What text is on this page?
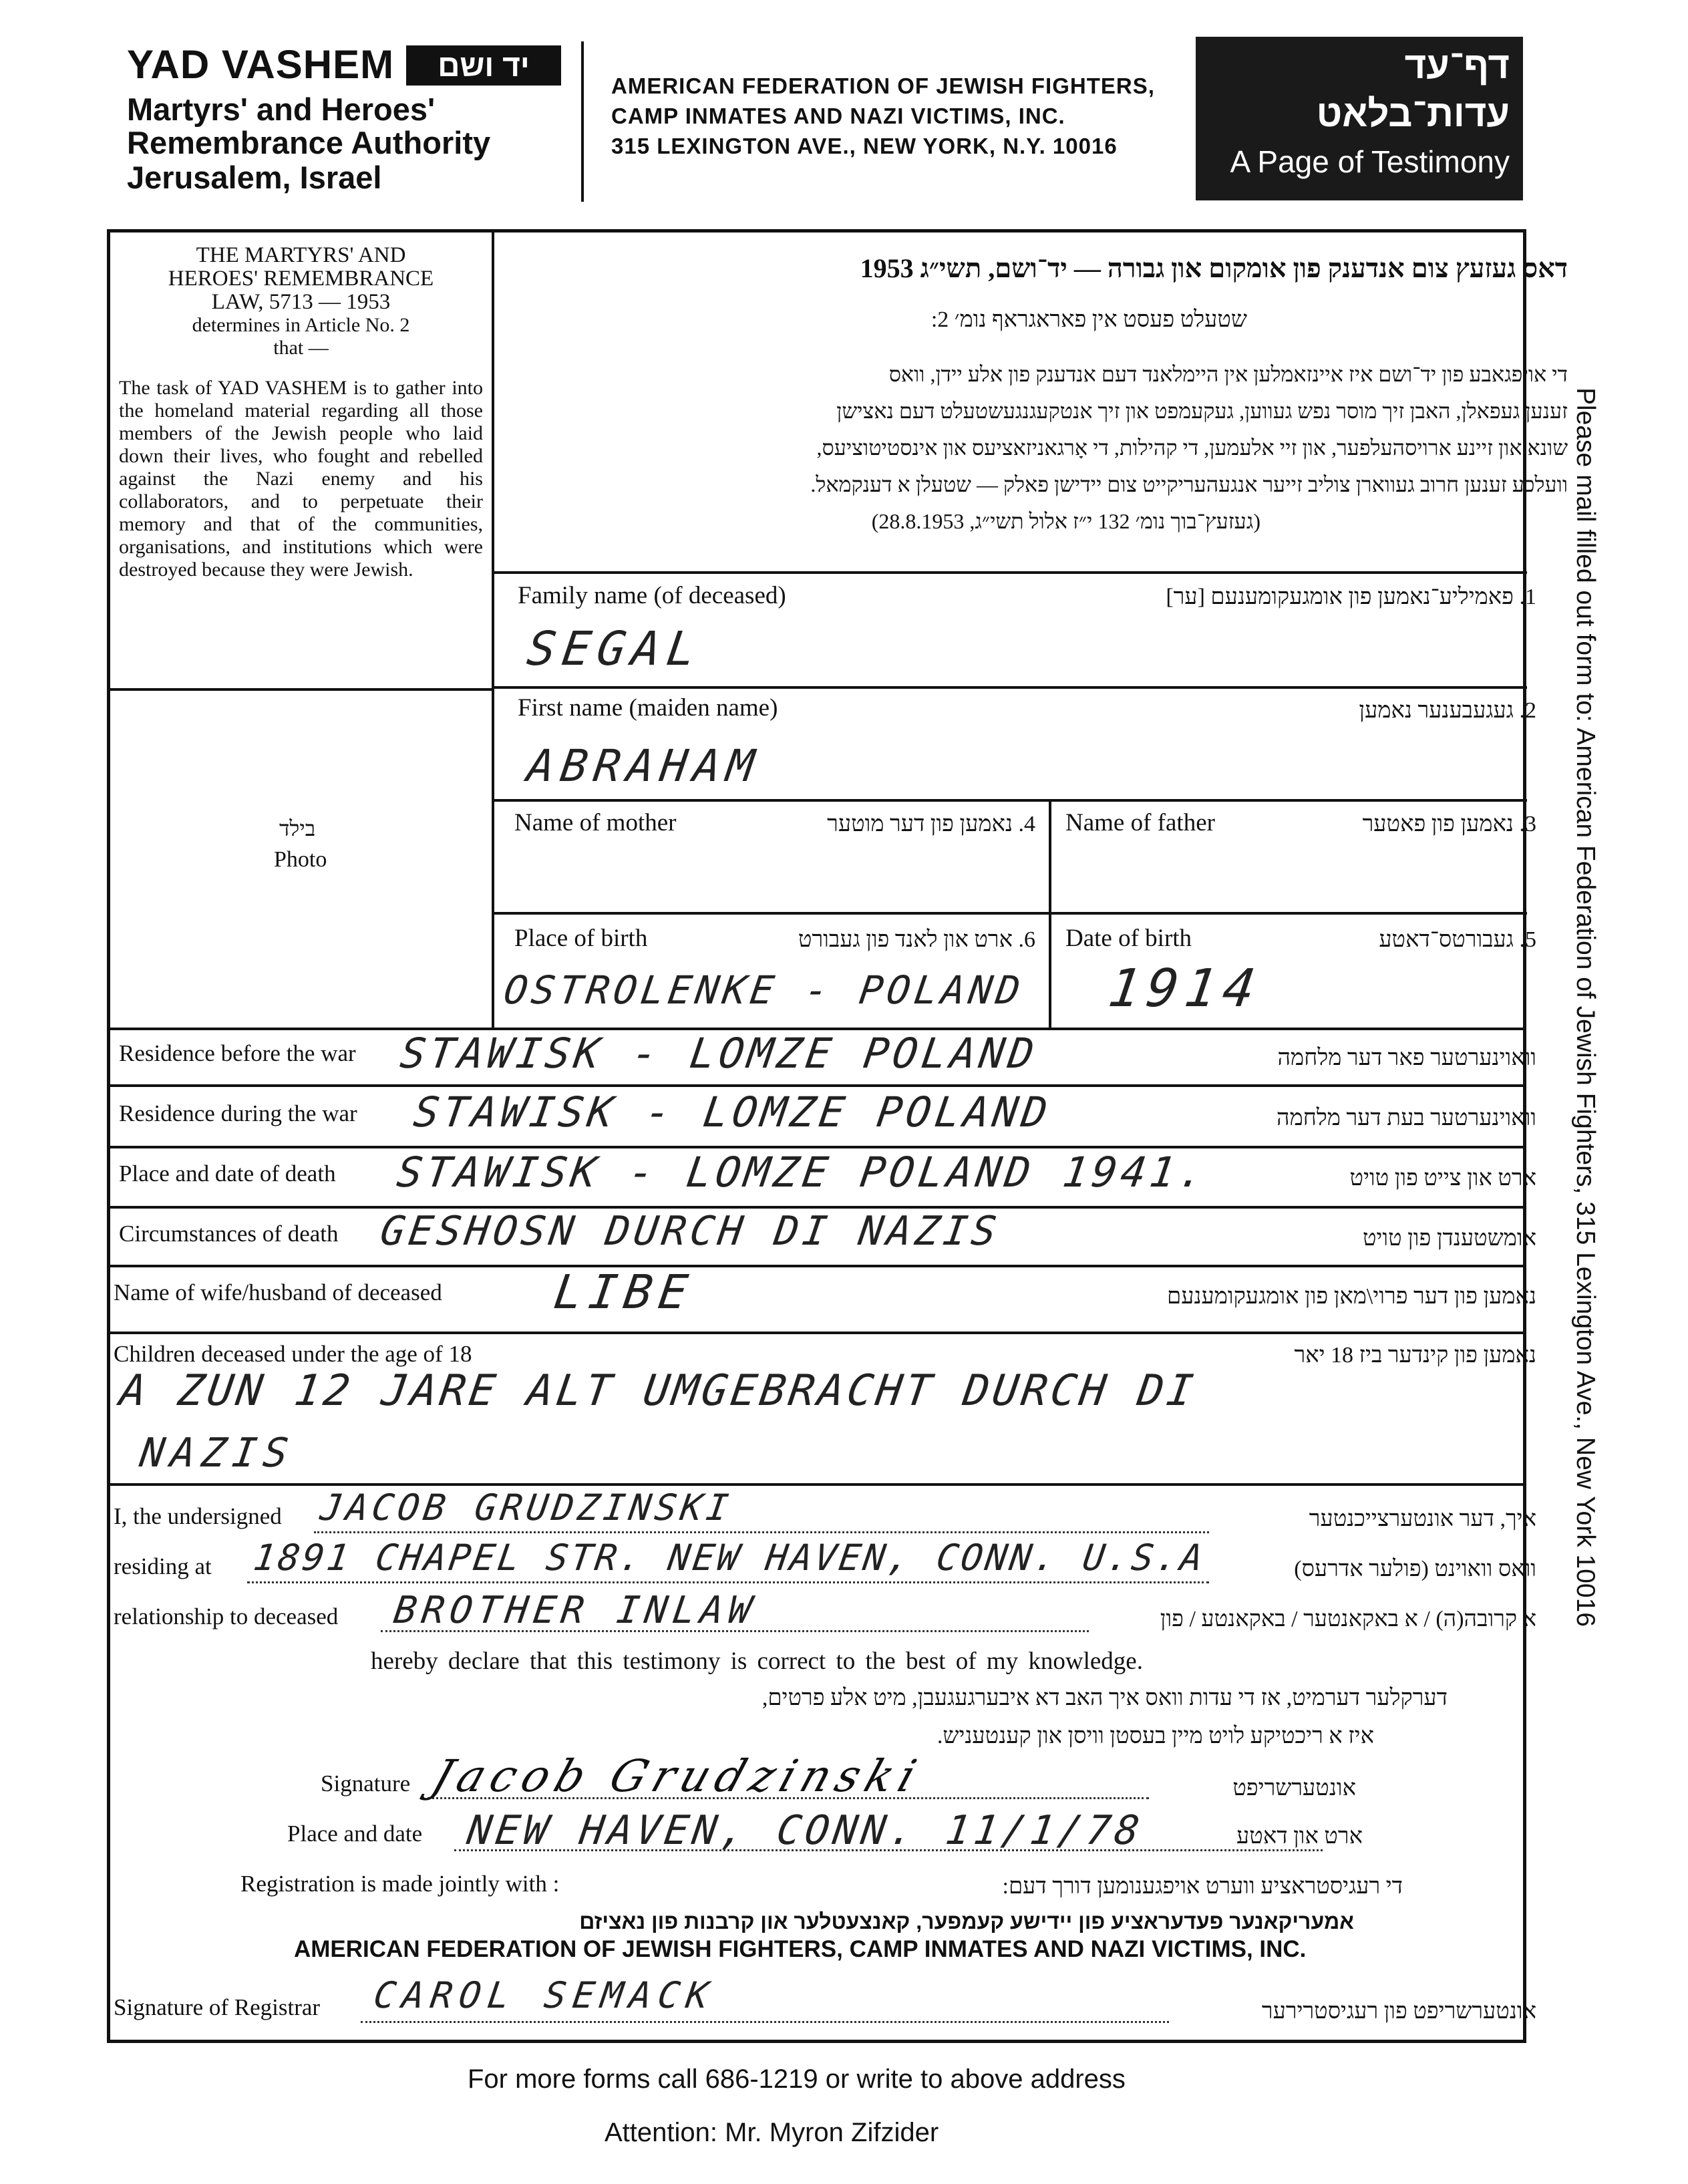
YAD VASHEM	יד ושם
Martyrs' and Heroes'
Remembrance Authority
Jerusalem, Israel
AMERICAN FEDERATION OF JEWISH FIGHTERS,
CAMP INMATES AND NAZI VICTIMS, INC.
315 LEXINGTON AVE., NEW YORK, N.Y. 10016
דף־עד
עדות־בלאט
A Page of Testimony
Please mail filled out form to: American Federation of Jewish Fighters, 315 Lexington Ave., New York 10016
THE MARTYRS' AND
HEROES' REMEMBRANCE
LAW, 5713 — 1953
determines in Article No. 2
that —
The task of YAD VASHEM is to gather into the homeland material regarding all those members of the Jewish people who laid down their lives, who fought and rebelled against the Nazi enemy and his collaborators, and to perpetuate their memory and that of the communities, organisations, and institutions which were destroyed because they were Jewish.
בילד
Photo
דאס געזעץ צום אנדענק פון אומקום און גבורה — יד־ושם, תשי״ג 1953
שטעלט פעסט אין פאראגראף נומ׳ 2:
די אויפגאבע פון יד־ושם איז איינזאמלען אין היימלאנד דעם אנדענק פון אלע יידן, וואס
זענען געפאלן, האבן זיך מוסר נפש געווען, געקעמפט און זיך אנטקעגנגעשטעלט דעם נאצישן
שונא און זיינע ארויסהעלפער, און זיי אלעמען, די קהילות, די אָרגאניזאציעס און אינסטיטוציעס,
וועלכע זענען חרוב געווארן צוליב זייער אנגעהעריקייט צום יידישן פאלק — שטעלן א דענקמאל.
(געזעץ־בוך נומ׳ 132 י״ז אלול תשי״ג, 28.8.1953)
Family name (of deceased)	1. פאמיליע־נאמען פון אומגעקומענעם [ער]
SEGAL
First name (maiden name)	2. געגעבענער נאמען
ABRAHAM
Name of mother	4. נאמען פון דער מוטער Name of father	3. נאמען פון פאטער
Place of birth	6. ארט און לאנד פון געבורט
OSTROLENKE - POLAND
Date of birth	5. געבורטס־דאטע
1914
Residence before the war STAWISK - LOMZE POLAND	וואוינערטער פאר דער מלחמה
Residence during the war STAWISK - LOMZE POLAND	וואוינערטער בעת דער מלחמה
Place and date of death STAWISK - LOMZE POLAND 1941.	ארט און צייט פון טויט
Circumstances of death GESHOSN DURCH DI NAZIS	אומשטענדן פון טויט
Name of wife/husband of deceased LIBE	נאמען פון דער פרוי\מאן פון אומגעקומענעם
Children deceased under the age of 18	נאמען פון קינדער ביז 18 יאר
A ZUN 12 JARE ALT UMGEBRACHT DURCH DI
NAZIS
I, the undersigned JACOB GRUDZINSKI	איך, דער אונטערצייכנטער
residing at 1891 CHAPEL STR. NEW HAVEN, CONN. U.S.A	וואס וואוינט (פולער אדרעס)
relationship to deceased BROTHER INLAW	א קרובה(ה) / א באקאנטער / באקאנטע / פון
hereby declare that this testimony is correct to the best of my knowledge.
דערקלער דערמיט, אז די עדות וואס איך האב דא איבערגעגעבן, מיט אלע פרטים,
איז א ריכטיקע לויט מיין בעסטן וויסן און קענטעניש.
Signature Jacob Grudzinski	אונטערשריפט
Place and date NEW HAVEN, CONN. 11/1/78	ארט און דאטע
Registration is made jointly with :	די רעגיסטראציע ווערט אויפגענומען דורך דעם:
אמעריקאנער פעדעראציע פון יידישע קעמפער, קאנצעטלער און קרבנות פון נאציזם
AMERICAN FEDERATION OF JEWISH FIGHTERS, CAMP INMATES AND NAZI VICTIMS, INC.
Signature of Registrar CAROL SEMACK	אונטערשריפט פון רעגיסטרירער
For more forms call 686-1219 or write to above address
Attention: Mr. Myron Zifzider
